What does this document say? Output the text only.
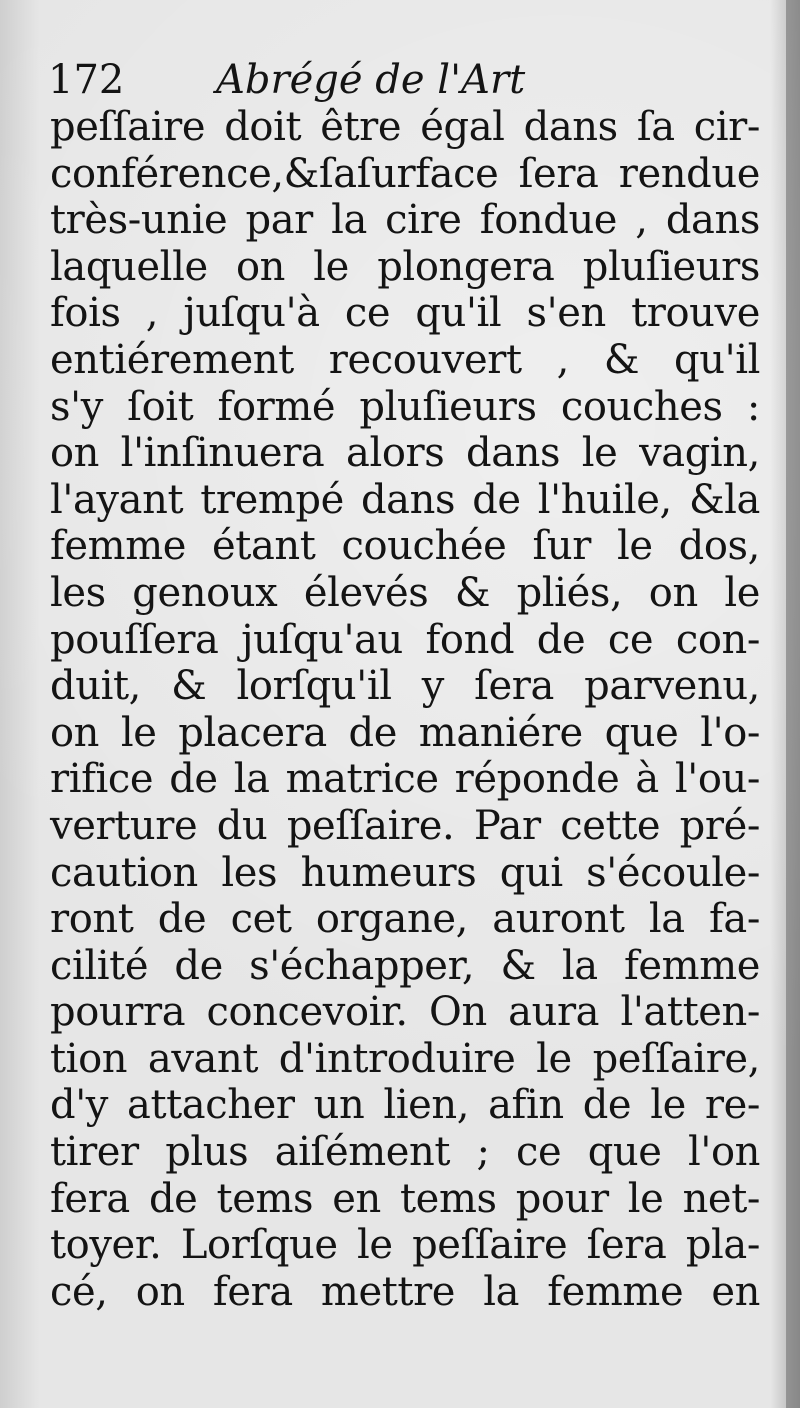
172 Abrégé de l'Art
peſſaire doit être égal dans ſa cir-
conférence,&ſaſurface ſera rendue
très-unie par la cire fondue , dans
laquelle on le plongera pluſieurs
fois , juſqu'à ce qu'il s'en trouve
entiérement recouvert , & qu'il
s'y ſoit formé pluſieurs couches :
on l'inſinuera alors dans le vagin,
l'ayant trempé dans de l'huile, &la
femme étant couchée ſur le dos,
les genoux élevés & pliés, on le
pouſſera juſqu'au fond de ce con-
duit, & lorſqu'il y ſera parvenu,
on le placera de maniére que l'o-
rifice de la matrice réponde à l'ou-
verture du peſſaire. Par cette pré-
caution les humeurs qui s'écoule-
ront de cet organe, auront la fa-
cilité de s'échapper, & la femme
pourra concevoir. On aura l'atten-
tion avant d'introduire le peſſaire,
d'y attacher un lien, afin de le re-
tirer plus aiſément ; ce que l'on
fera de tems en tems pour le net-
toyer. Lorſque le peſſaire ſera pla-
cé, on fera mettre la femme en
